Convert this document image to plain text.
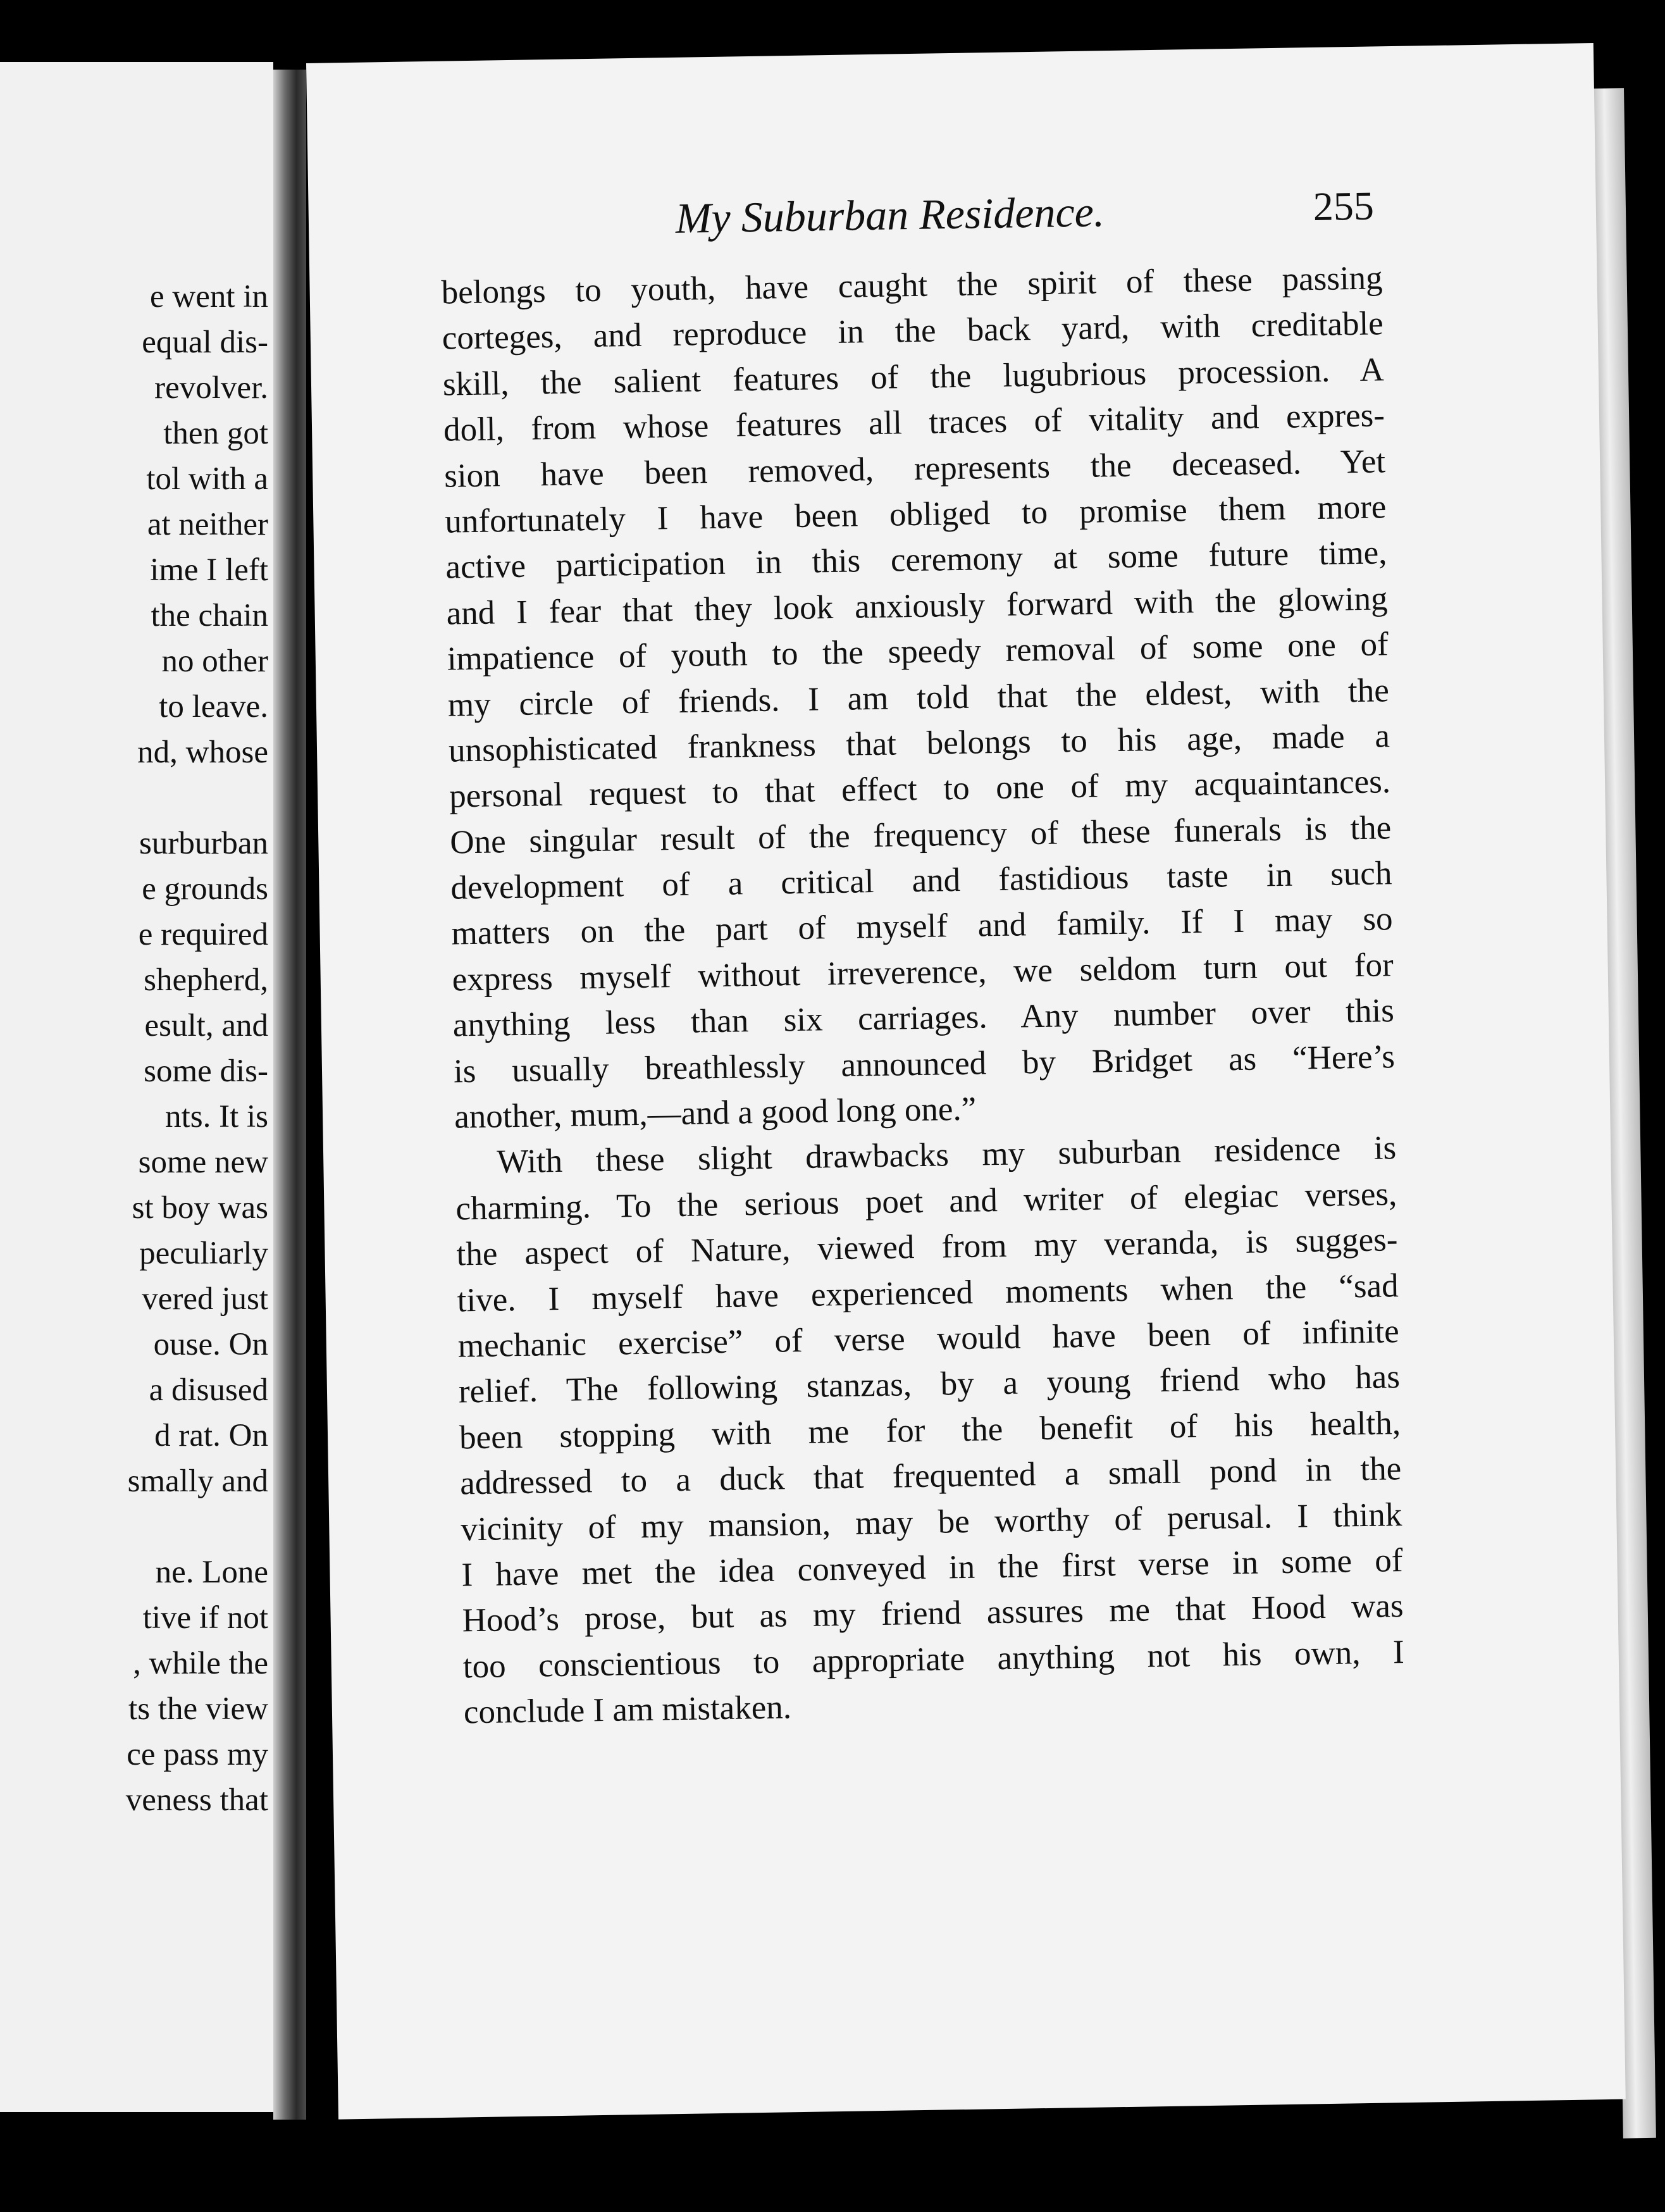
e went in
equal dis-
revolver.
then got
tol with a
at neither
ime I left
the chain
no other
to leave.
nd, whose
surburban
e grounds
e required
shepherd,
esult, and
some dis-
nts. It is
some new
st boy was
peculiarly
vered just
ouse. On
a disused
d rat. On
smally and
ne. Lone
tive if not
, while the
ts the view
ce pass my
veness that
My Suburban Residence.	255
belongs to youth, have caught the spirit of these passing
corteges, and reproduce in the back yard, with creditable
skill, the salient features of the lugubrious procession. A
doll, from whose features all traces of vitality and expres-
sion have been removed, represents the deceased. Yet
unfortunately I have been obliged to promise them more
active participation in this ceremony at some future time,
and I fear that they look anxiously forward with the glowing
impatience of youth to the speedy removal of some one of
my circle of friends. I am told that the eldest, with the
unsophisticated frankness that belongs to his age, made a
personal request to that effect to one of my acquaintances.
One singular result of the frequency of these funerals is the
development of a critical and fastidious taste in such
matters on the part of myself and family. If I may so
express myself without irreverence, we seldom turn out for
anything less than six carriages. Any number over this
is usually breathlessly announced by Bridget as “Here’s
another, mum,—and a good long one.”
With these slight drawbacks my suburban residence is
charming. To the serious poet and writer of elegiac verses,
the aspect of Nature, viewed from my veranda, is sugges-
tive. I myself have experienced moments when the “sad
mechanic exercise” of verse would have been of infinite
relief. The following stanzas, by a young friend who has
been stopping with me for the benefit of his health,
addressed to a duck that frequented a small pond in the
vicinity of my mansion, may be worthy of perusal. I think
I have met the idea conveyed in the first verse in some of
Hood’s prose, but as my friend assures me that Hood was
too conscientious to appropriate anything not his own, I
conclude I am mistaken.
